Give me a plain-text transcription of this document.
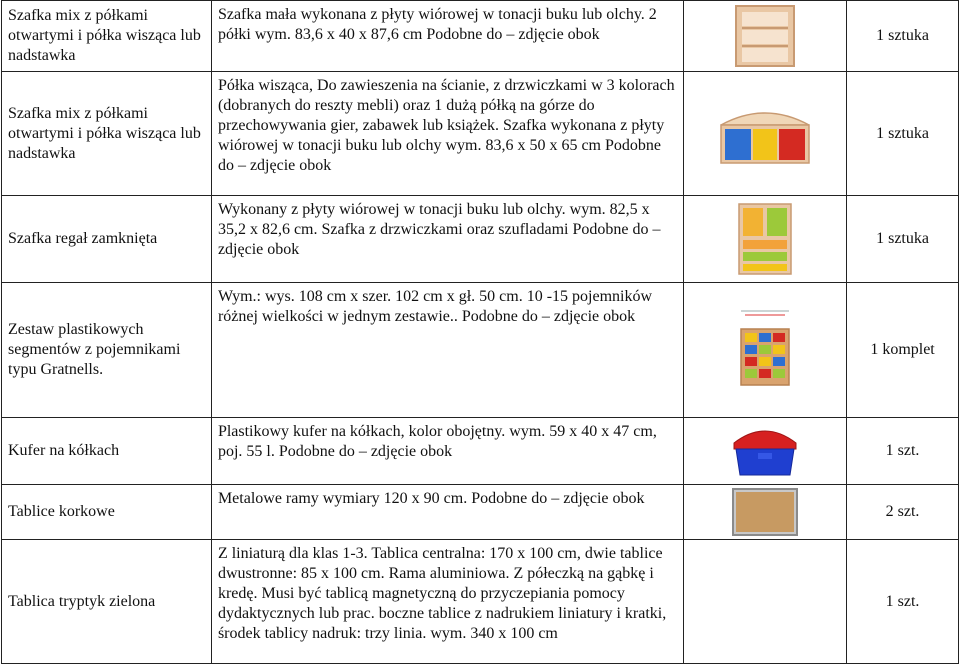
Szafka mix z półkami otwartymi i półka wisząca lub nadstawka	Szafka mała wykonana z płyty wiórowej w tonacji buku lub olchy. 2 półki wym. 83,6 x 40 x 87,6 cm Podobne do – zdjęcie obok		1 sztuka
Szafka mix z półkami otwartymi i półka wisząca lub nadstawka	Półka wisząca, Do zawieszenia na ścianie, z drzwiczkami w 3 kolorach (dobranych do reszty mebli) oraz 1 dużą półką na górze do przechowywania gier, zabawek lub książek. Szafka wykonana z płyty wiórowej w tonacji buku lub olchy wym. 83,6 x 50 x 65 cm Podobne do – zdjęcie obok		1 sztuka
Szafka regał zamknięta	Wykonany z płyty wiórowej w tonacji buku lub olchy. wym. 82,5 x 35,2 x 82,6 cm. Szafka z drzwiczkami oraz szufladami Podobne do – zdjęcie obok		1 sztuka
Zestaw plastikowych segmentów z pojemnikami typu Gratnells.	Wym.: wys. 108 cm x szer. 102 cm x gł. 50 cm. 10 -15 pojemników różnej wielkości w jednym zestawie.. Podobne do – zdjęcie obok		1 komplet
Kufer na kółkach	Plastikowy kufer na kółkach, kolor obojętny. wym. 59 x 40 x 47 cm, poj. 55 l. Podobne do – zdjęcie obok		1 szt.
Tablice korkowe	Metalowe ramy wymiary 120 x 90 cm. Podobne do – zdjęcie obok		2 szt.
Tablica tryptyk zielona	Z liniaturą dla klas 1-3. Tablica centralna: 170 x 100 cm, dwie tablice dwustronne: 85 x 100 cm. Rama aluminiowa. Z półeczką na gąbkę i kredę. Musi być tablicą magnetyczną do przyczepiania pomocy dydaktycznych lub prac. boczne tablice z nadrukiem liniatury i kratki, środek tablicy nadruk: trzy linia. wym. 340 x 100 cm		1 szt.
